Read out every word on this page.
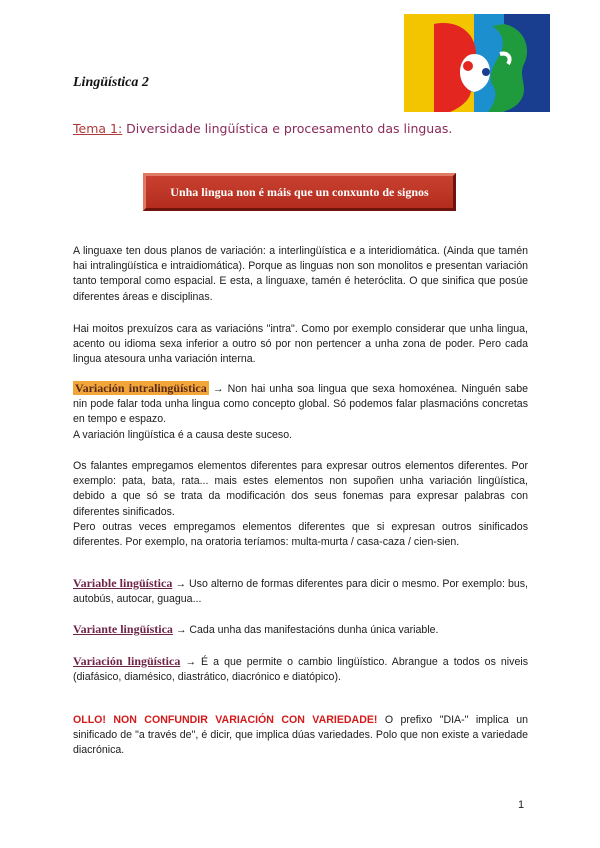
Lingüística 2
Tema 1: Diversidade lingüística e procesamento das linguas.
Unha lingua non é máis que un conxunto de signos
A linguaxe ten dous planos de variación: a interlingüística e a interidiomática. (Ainda que tamén hai intralingüística e intraidiomática). Porque as linguas non son monolitos e presentan variación tanto temporal como espacial. E esta, a linguaxe, tamén é heteróclita. O que sinifica que posúe diferentes áreas e disciplinas.
Hai moitos prexuízos cara as variacións "intra". Como por exemplo considerar que unha lingua, acento ou idioma sexa inferior a outro só por non pertencer a unha zona de poder. Pero cada lingua atesoura unha variación interna.
Variación intralingüística → Non hai unha soa lingua que sexa homoxénea. Ninguén sabe nin pode falar toda unha lingua como concepto global. Só podemos falar plasmacións concretas en tempo e espazo.
A variación lingüística é a causa deste suceso.
Os falantes empregamos elementos diferentes para expresar outros elementos diferentes. Por exemplo: pata, bata, rata... mais estes elementos non supoñen unha variación lingüística, debido a que só se trata da modificación dos seus fonemas para expresar palabras con diferentes sinificados.
Pero outras veces empregamos elementos diferentes que si expresan outros sinificados diferentes. Por exemplo, na oratoria teríamos: multa-murta / casa-caza / cien-sien.
Variable lingüística → Uso alterno de formas diferentes para dicir o mesmo. Por exemplo: bus, autobús, autocar, guagua...
Variante lingüística → Cada unha das manifestacións dunha única variable.
Variación lingüística → É a que permite o cambio lingüístico. Abrangue a todos os niveis (diafásico, diamésico, diastrático, diacrónico e diatópico).
OLLO! NON CONFUNDIR VARIACIÓN CON VARIEDADE! O prefixo "DIA-" implica un sinificado de "a través de", é dicir, que implica dúas variedades. Polo que non existe a variedade diacrónica.
1
